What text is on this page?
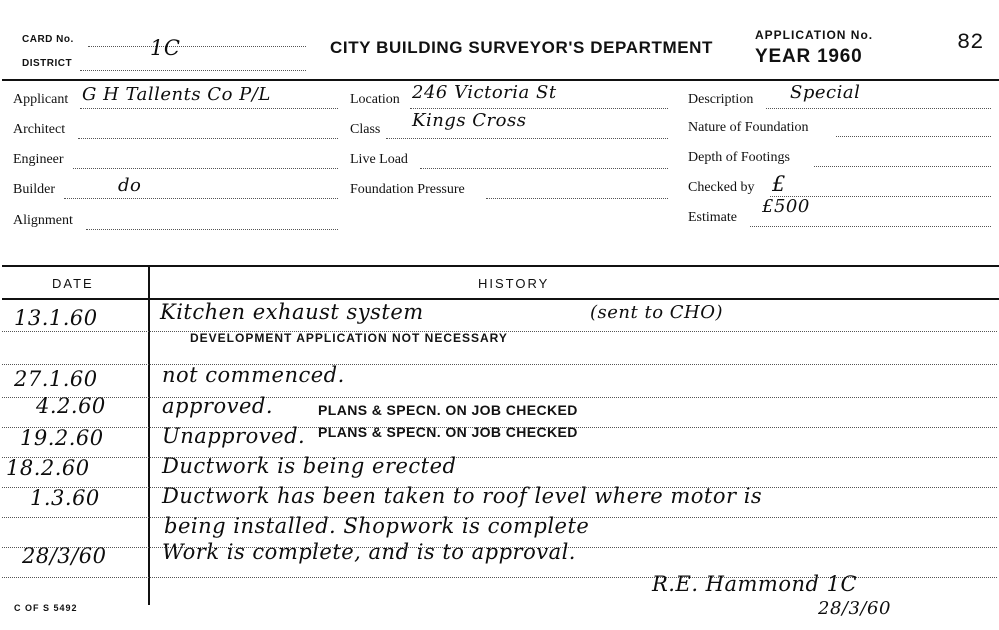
CARD No.	1C
DISTRICT
CITY BUILDING SURVEYOR'S DEPARTMENT
APPLICATION No.
YEAR 1960
82
Applicant G H Tallents Co P/L
Architect
Engineer
Builder	do
Alignment
Location 246 Victoria St
Class Kings Cross
Live Load
Foundation Pressure
Description Special
Nature of Foundation
Depth of Footings
Checked by £
Estimate
£500
DATE	HISTORY
13.1.60	Kitchen exhaust system	(sent to CHO)
DEVELOPMENT APPLICATION NOT NECESSARY
27.1.60	not commenced.
4.2.60	approved.	PLANS & SPECN. ON JOB CHECKED
19.2.60	Unapproved. PLANS & SPECN. ON JOB CHECKED
18.2.60	Ductwork is being erected
1.3.60	Ductwork has been taken to roof level where motor is
being installed. Shopwork is complete
28/3/60	Work is complete, and is to approval.
R.E. Hammond 1C
28/3/60
C OF S 5492
